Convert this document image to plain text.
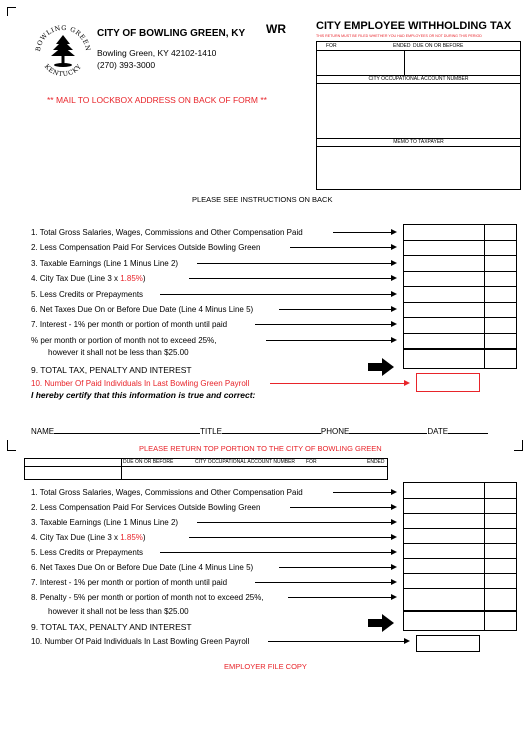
BOWLING GREEN
KENTUCKY
CITY OF BOWLING GREEN, KY
Bowling Green, KY 42102-1410
(270) 393-3000
WR	CITY EMPLOYEE WITHHOLDING TAX
THIS RETURN MUST BE FILED WHETHER YOU HAD EMPLOYEES OR NOT DURING THIS PERIOD
FOR	ENDED DUE ON OR BEFORE
CITY OCCUPATIONAL ACCOUNT NUMBER
MEMO TO TAXPAYER
** MAIL TO LOCKBOX ADDRESS ON BACK OF FORM **
PLEASE SEE INSTRUCTIONS ON BACK
1. Total Gross Salaries, Wages, Commissions and Other Compensation Paid
2. Less Compensation Paid For Services Outside Bowling Green
3. Taxable Earnings (Line 1 Minus Line 2)
4. City Tax Due (Line 3 x 1.85%)
5. Less Credits or Prepayments
6. Net Taxes Due On or Before Due Date (Line 4 Minus Line 5)
7. Interest - 1% per month or portion of month until paid
% per month or portion of month not to exceed 25%,
however it shall not be less than $25.00
9. TOTAL TAX, PENALTY AND INTEREST
10. Number Of Paid Individuals In Last Bowling Green Payroll
I hereby certify that this information is true and correct:
NAME	TITLE	PHONE	DATE
PLEASE RETURN TOP PORTION TO THE CITY OF BOWLING GREEN
DUE ON OR BEFORE	CITY OCCUPATIONAL ACCOUNT NUMBER FOR	ENDED
1. Total Gross Salaries, Wages, Commissions and Other Compensation Paid
2. Less Compensation Paid For Services Outside Bowling Green
3. Taxable Earnings (Line 1 Minus Line 2)
4. City Tax Due (Line 3 x 1.85%)
5. Less Credits or Prepayments
6. Net Taxes Due On or Before Due Date (Line 4 Minus Line 5)
7. Interest - 1% per month or portion of month until paid
8. Penalty - 5% per month or portion of month not to exceed 25%,
however it shall not be less than $25.00
9. TOTAL TAX, PENALTY AND INTEREST
10. Number Of Paid Individuals In Last Bowling Green Payroll
EMPLOYER FILE COPY
